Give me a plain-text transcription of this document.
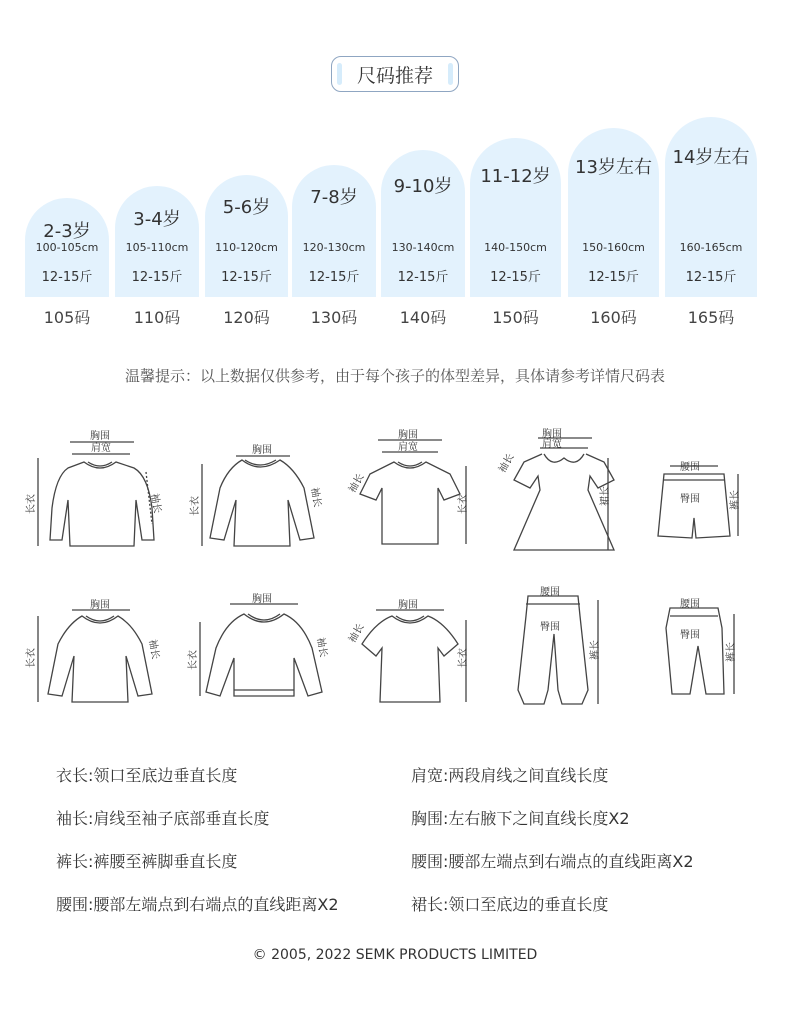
尺码推荐
2-3岁
100-105cm
12-15斤
105码
3-4岁
105-110cm
12-15斤
110码
5-6岁
110-120cm
12-15斤
120码
7-8岁
120-130cm
12-15斤
130码
9-10岁
130-140cm
12-15斤
140码
11-12岁
140-150cm
12-15斤
150码
13岁左右
150-160cm
12-15斤
160码
14岁左右
160-165cm
12-15斤
165码
温馨提示：以上数据仅供参考，由于每个孩子的体型差异，具体请参考详情尺码表
胸围
肩宽
长衣	袖长
胸围
长衣	袖长
胸围
肩宽
袖长
长衣
胸围
肩宽
袖长
裙长
腰围
臀围	裤长
胸围
长衣	袖长
胸围
长衣
袖长
胸围
袖长
长衣
腰围
臀围
裤长
腰围
臀围
裤长
衣长:领口至底边垂直长度	肩宽:两段肩线之间直线长度
袖长:肩线至袖子底部垂直长度	胸围:左右腋下之间直线长度X2
裤长:裤腰至裤脚垂直长度	腰围:腰部左端点到右端点的直线距离X2
腰围:腰部左端点到右端点的直线距离X2	裙长:领口至底边的垂直长度
© 2005, 2022 SEMK PRODUCTS LIMITED
